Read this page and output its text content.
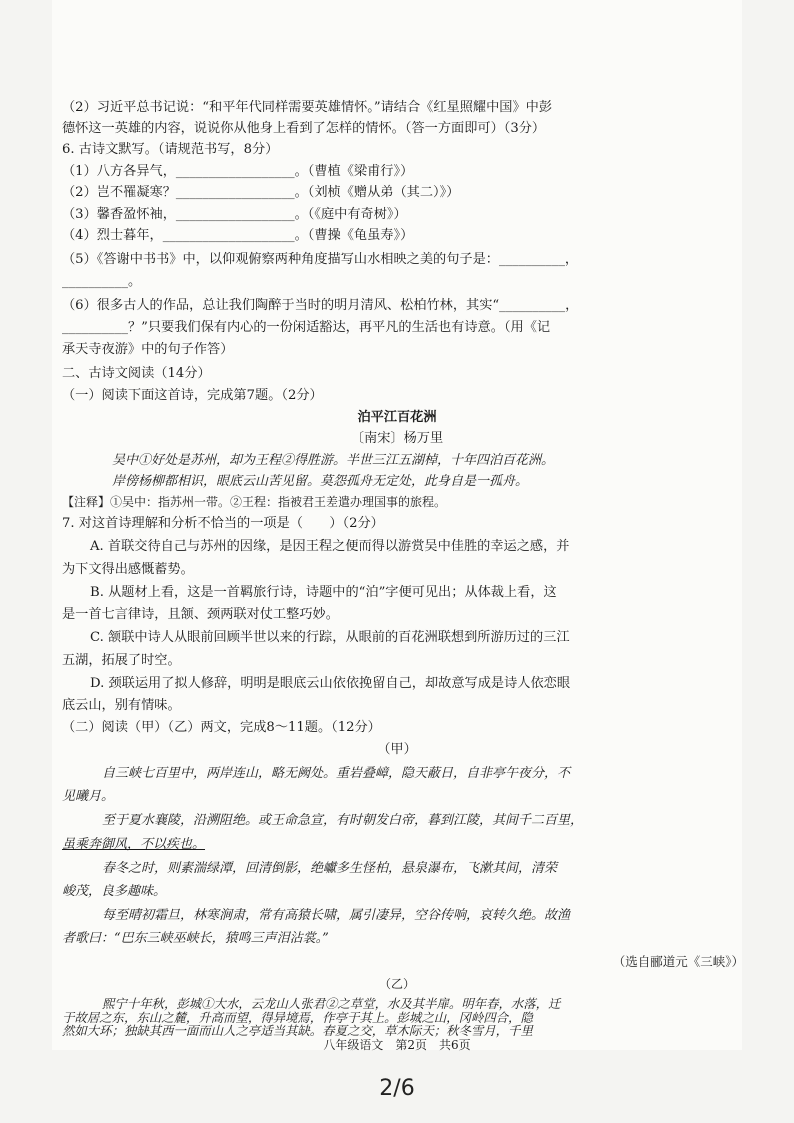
（2）习近平总书记说：“和平年代同样需要英雄情怀。”请结合《红星照耀中国》中彭
德怀这一英雄的内容，说说你从他身上看到了怎样的情怀。（答一方面即可）（3分）
6. 古诗文默写。（请规范书写，8分）
（1）八方各异气，__________________。（曹植《梁甫行》）
（2）岂不罹凝寒？__________________。（刘桢《赠从弟（其二）》）
（3）馨香盈怀袖，__________________。（《庭中有奇树》）
（4）烈士暮年，____________________。（曹操《龟虽寿》）
（5）《答谢中书书》中，以仰观俯察两种角度描写山水相映之美的句子是：__________，
__________。
（6）很多古人的作品，总让我们陶醉于当时的明月清风、松柏竹林，其实“__________，
__________？”只要我们保有内心的一份闲适豁达，再平凡的生活也有诗意。（用《记
承天寺夜游》中的句子作答）
二、古诗文阅读（14分）
（一）阅读下面这首诗，完成第7题。（2分）
泊平江百花洲
〔南宋〕杨万里
吴中①好处是苏州，却为王程②得胜游。半世三江五湖棹，十年四泊百花洲。
岸傍杨柳都相识，眼底云山苦见留。莫怨孤舟无定处，此身自是一孤舟。
【注释】①吴中：指苏州一带。②王程：指被君王差遣办理国事的旅程。
7. 对这首诗理解和分析不恰当的一项是（　　）（2分）
A. 首联交待自己与苏州的因缘，是因王程之便而得以游赏吴中佳胜的幸运之感，并
为下文得出感慨蓄势。
B. 从题材上看，这是一首羁旅行诗，诗题中的“泊”字便可见出；从体裁上看，这
是一首七言律诗，且颔、颈两联对仗工整巧妙。
C. 颔联中诗人从眼前回顾半世以来的行踪，从眼前的百花洲联想到所游历过的三江
五湖，拓展了时空。
D. 颈联运用了拟人修辞，明明是眼底云山依依挽留自己，却故意写成是诗人依恋眼
底云山，别有情味。
（二）阅读（甲）（乙）两文，完成8～11题。（12分）
（甲）
自三峡七百里中，两岸连山，略无阙处。重岩叠嶂，隐天蔽日，自非亭午夜分，不
见曦月。
至于夏水襄陵，沿溯阻绝。或王命急宣，有时朝发白帝，暮到江陵，其间千二百里，
虽乘奔御风，不以疾也。
春冬之时，则素湍绿潭，回清倒影，绝巘多生怪柏，悬泉瀑布，飞漱其间，清荣
峻茂，良多趣味。
每至晴初霜旦，林寒涧肃，常有高猿长啸，属引凄异，空谷传响，哀转久绝。故渔
者歌曰：“巴东三峡巫峡长，猿鸣三声泪沾裳。”
（选自郦道元《三峡》）
（乙）
熙宁十年秋，彭城①大水，云龙山人张君②之草堂，水及其半扉。明年春，水落，迁
于故居之东，东山之麓，升高而望，得异境焉，作亭于其上。彭城之山，冈岭四合，隐
然如大环；独缺其西一面而山人之亭适当其缺。春夏之交，草木际天；秋冬雪月，千里
八年级语文　第2页　共6页
2/6
